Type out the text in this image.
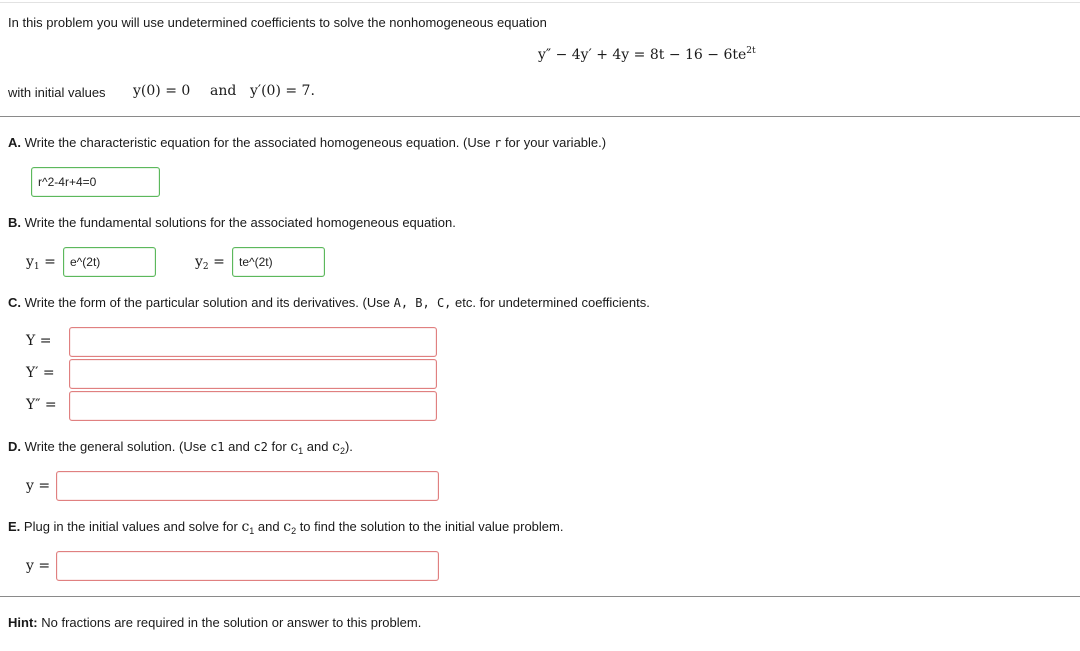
In this problem you will use undetermined coefficients to solve the nonhomogeneous equation
$y'' - 4y' + 4y = 8t - 16 - 6te^{2t}$
with initial values y(0) = 0 and y′(0) = 7.
A. Write the characteristic equation for the associated homogeneous equation. (Use r for your variable.)
r^2-4r+4=0
B. Write the fundamental solutions for the associated homogeneous equation.
$y_1$ =
e^(2t)	$y_2$ =
te^(2t)
C. Write the form of the particular solution and its derivatives. (Use A, B, C, etc. for undetermined coefficients.
Y =
Y′ =
Y″ =
D. Write the general solution. (Use c1 and c2 for $c_1$ and $c_2$).
y =
E. Plug in the initial values and solve for $c_1$ and $c_2$ to find the solution to the initial value problem.
y =
Hint: No fractions are required in the solution or answer to this problem.
